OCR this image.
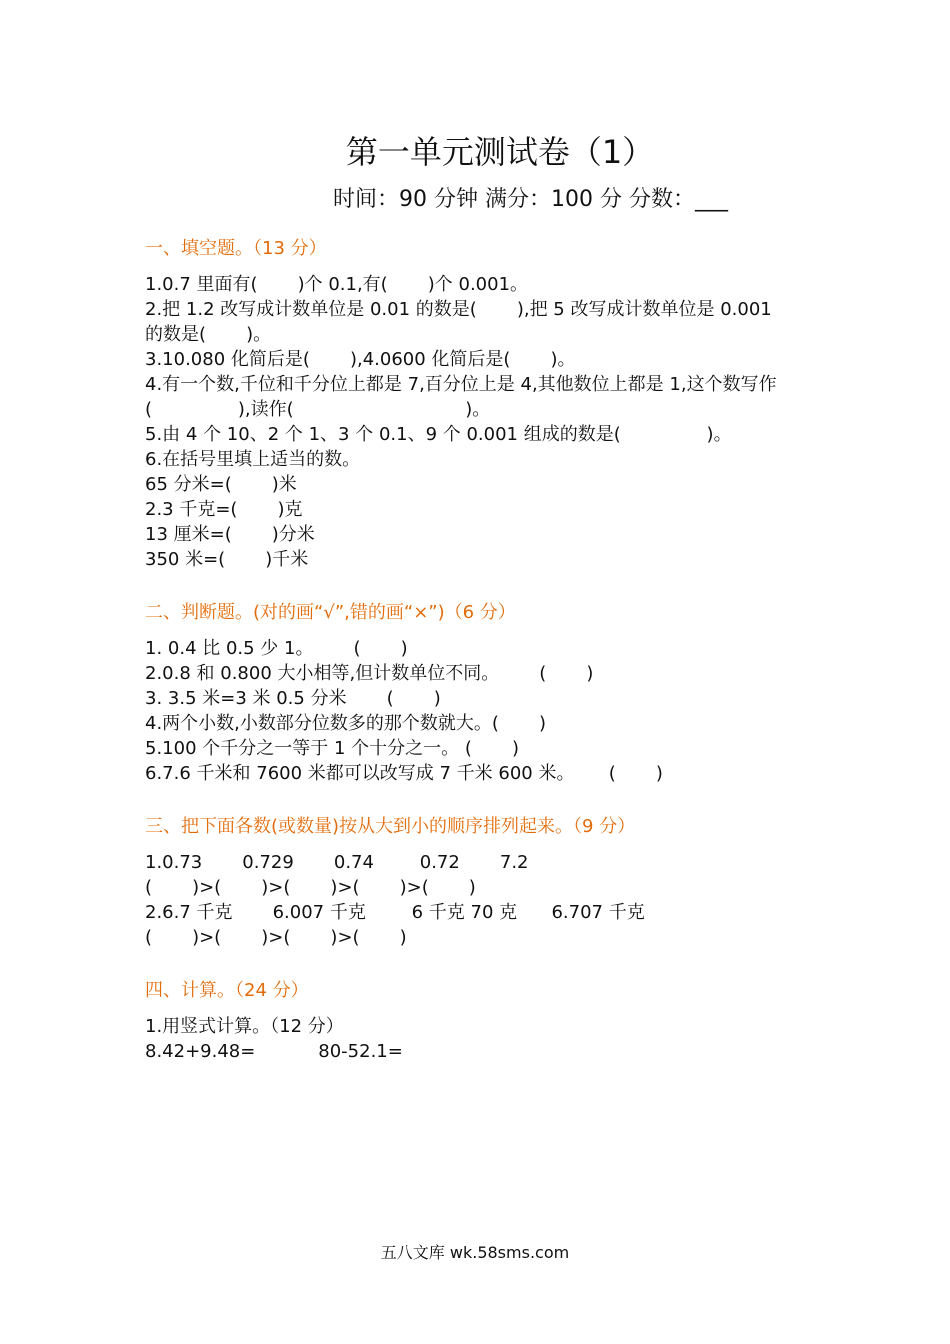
第一单元测试卷（1）
时间：90 分钟 满分：100 分 分数：___
一、填空题。（13 分）
1.0.7 里面有(       )个 0.1,有(       )个 0.001。
2.把 1.2 改写成计数单位是 0.01 的数是(       ),把 5 改写成计数单位是 0.001
的数是(       )。
3.10.080 化简后是(       ),4.0600 化简后是(       )。
4.有一个数,千位和千分位上都是 7,百分位上是 4,其他数位上都是 1,这个数写作
(               ),读作(                              )。
5.由 4 个 10、2 个 1、3 个 0.1、9 个 0.001 组成的数是(               )。
6.在括号里填上适当的数。
65 分米=(       )米
2.3 千克=(       )克
13 厘米=(       )分米
350 米=(       )千米
二、判断题。(对的画“√”,错的画“×”)（6 分）
1. 0.4 比 0.5 少 1。       (       )
2.0.8 和 0.800 大小相等,但计数单位不同。       (       )
3. 3.5 米=3 米 0.5 分米       (       )
4.两个小数,小数部分位数多的那个数就大。(       )
5.100 个千分之一等于 1 个十分之一。 (       )
6.7.6 千米和 7600 米都可以改写成 7 千米 600 米。      (       )
三、把下面各数(或数量)按从大到小的顺序排列起来。（9 分）
1.0.73       0.729       0.74        0.72       7.2
(       )>(       )>(       )>(       )>(       )
2.6.7 千克       6.007 千克        6 千克 70 克      6.707 千克
(       )>(       )>(       )>(       )
四、计算。（24 分）
1.用竖式计算。（12 分）
8.42+9.48=           80-52.1=
五八文库 wk.58sms.com
